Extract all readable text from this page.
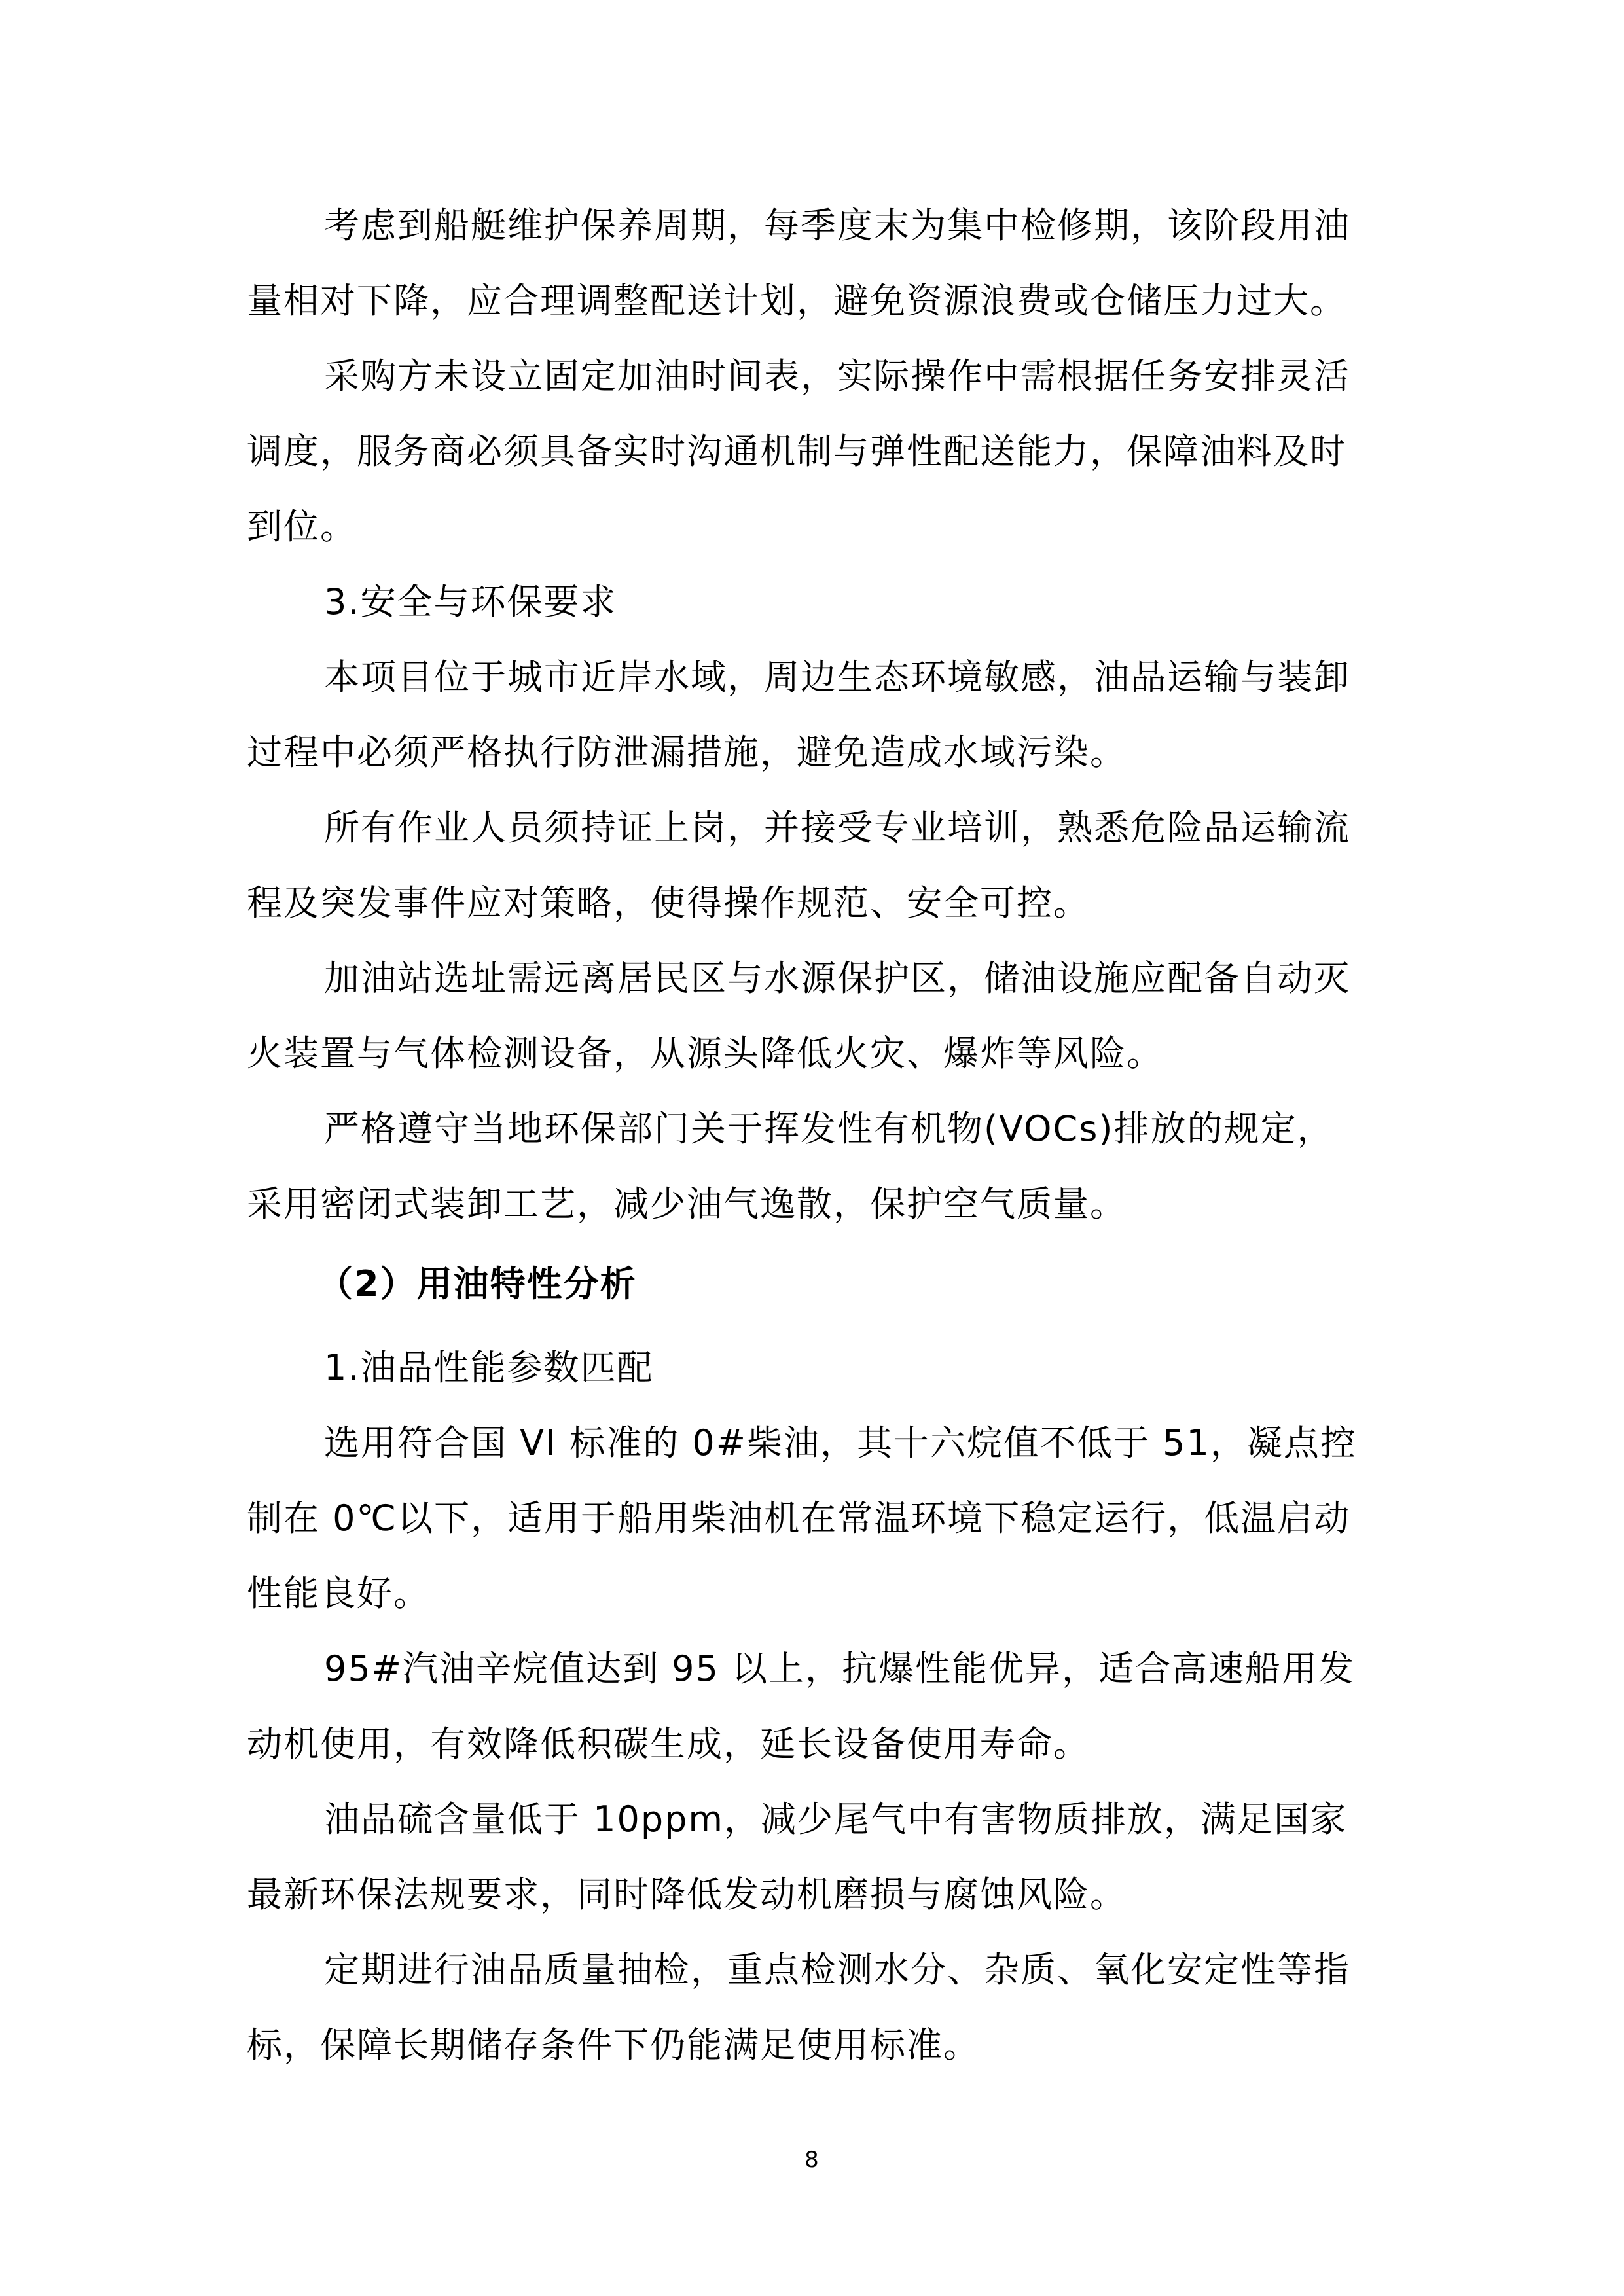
考虑到船艇维护保养周期，每季度末为集中检修期，该阶段用油
量相对下降，应合理调整配送计划，避免资源浪费或仓储压力过大。
采购方未设立固定加油时间表，实际操作中需根据任务安排灵活
调度，服务商必须具备实时沟通机制与弹性配送能力，保障油料及时
到位。
3.安全与环保要求
本项目位于城市近岸水域，周边生态环境敏感，油品运输与装卸
过程中必须严格执行防泄漏措施，避免造成水域污染。
所有作业人员须持证上岗，并接受专业培训，熟悉危险品运输流
程及突发事件应对策略，使得操作规范、安全可控。
加油站选址需远离居民区与水源保护区，储油设施应配备自动灭
火装置与气体检测设备，从源头降低火灾、爆炸等风险。
严格遵守当地环保部门关于挥发性有机物(VOCs)排放的规定，
采用密闭式装卸工艺，减少油气逸散，保护空气质量。
（2）用油特性分析
1.油品性能参数匹配
选用符合国 VI 标准的 0#柴油，其十六烷值不低于 51，凝点控
制在 0℃以下，适用于船用柴油机在常温环境下稳定运行，低温启动
性能良好。
95#汽油辛烷值达到 95 以上，抗爆性能优异，适合高速船用发
动机使用，有效降低积碳生成，延长设备使用寿命。
油品硫含量低于 10ppm，减少尾气中有害物质排放，满足国家
最新环保法规要求，同时降低发动机磨损与腐蚀风险。
定期进行油品质量抽检，重点检测水分、杂质、氧化安定性等指
标，保障长期储存条件下仍能满足使用标准。
8
